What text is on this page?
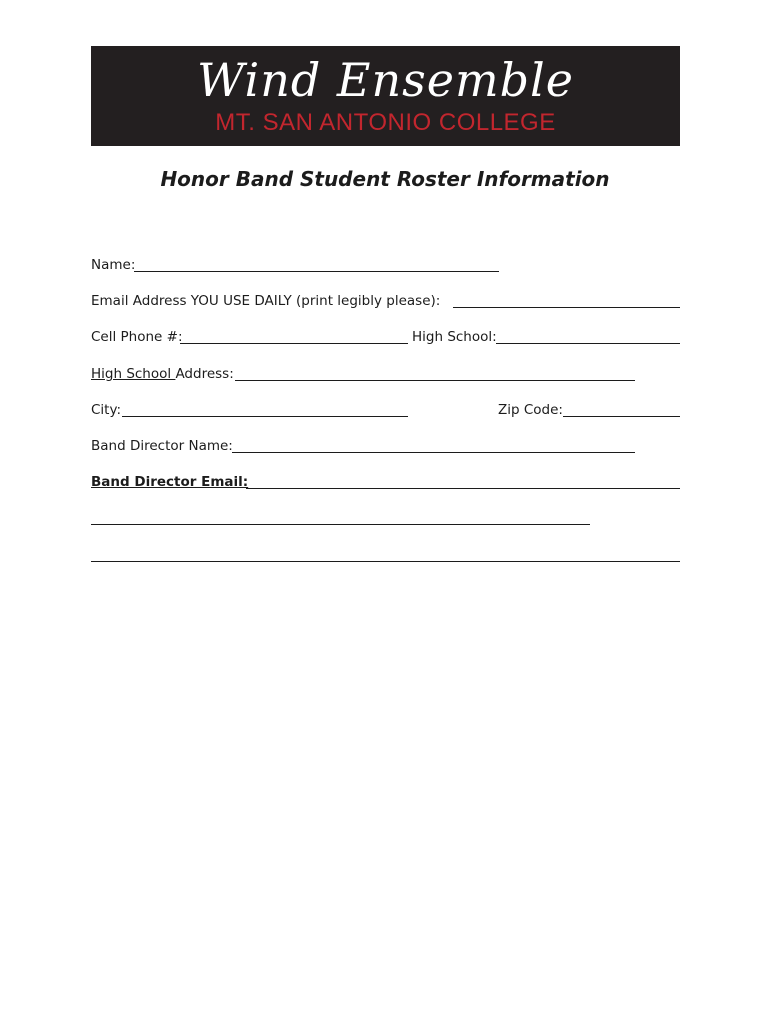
Wind Ensemble
MT. SAN ANTONIO COLLEGE
Honor Band Student Roster Information
Name:
Email Address YOU USE DAILY (print legibly please):
Cell Phone #:	High School:
High School Address:
City:	Zip Code:
Band Director Name:
Band Director Email:
